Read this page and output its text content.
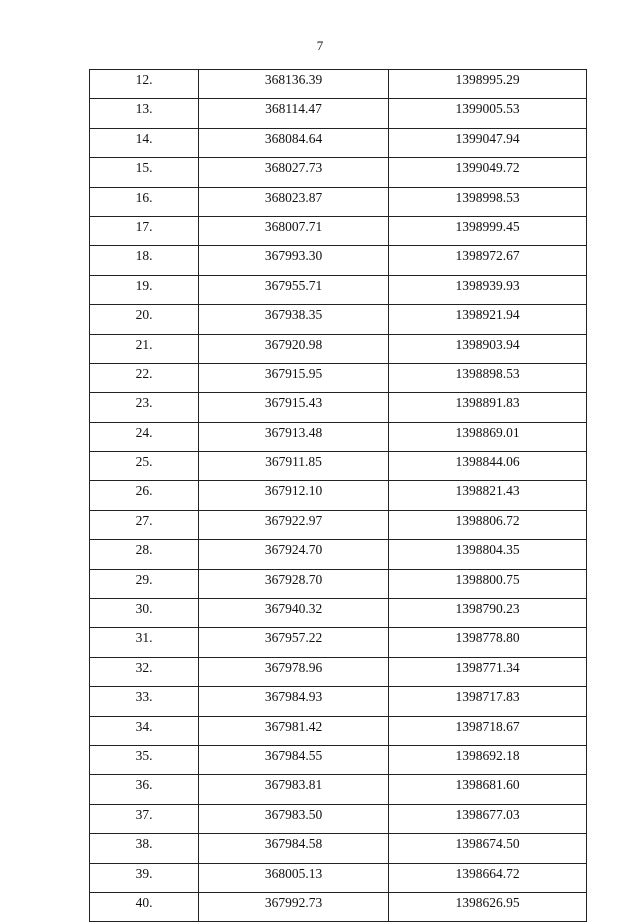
7
12.	368136.39	1398995.29
13.	368114.47	1399005.53
14.	368084.64	1399047.94
15.	368027.73	1399049.72
16.	368023.87	1398998.53
17.	368007.71	1398999.45
18.	367993.30	1398972.67
19.	367955.71	1398939.93
20.	367938.35	1398921.94
21.	367920.98	1398903.94
22.	367915.95	1398898.53
23.	367915.43	1398891.83
24.	367913.48	1398869.01
25.	367911.85	1398844.06
26.	367912.10	1398821.43
27.	367922.97	1398806.72
28.	367924.70	1398804.35
29.	367928.70	1398800.75
30.	367940.32	1398790.23
31.	367957.22	1398778.80
32.	367978.96	1398771.34
33.	367984.93	1398717.83
34.	367981.42	1398718.67
35.	367984.55	1398692.18
36.	367983.81	1398681.60
37.	367983.50	1398677.03
38.	367984.58	1398674.50
39.	368005.13	1398664.72
40.	367992.73	1398626.95
